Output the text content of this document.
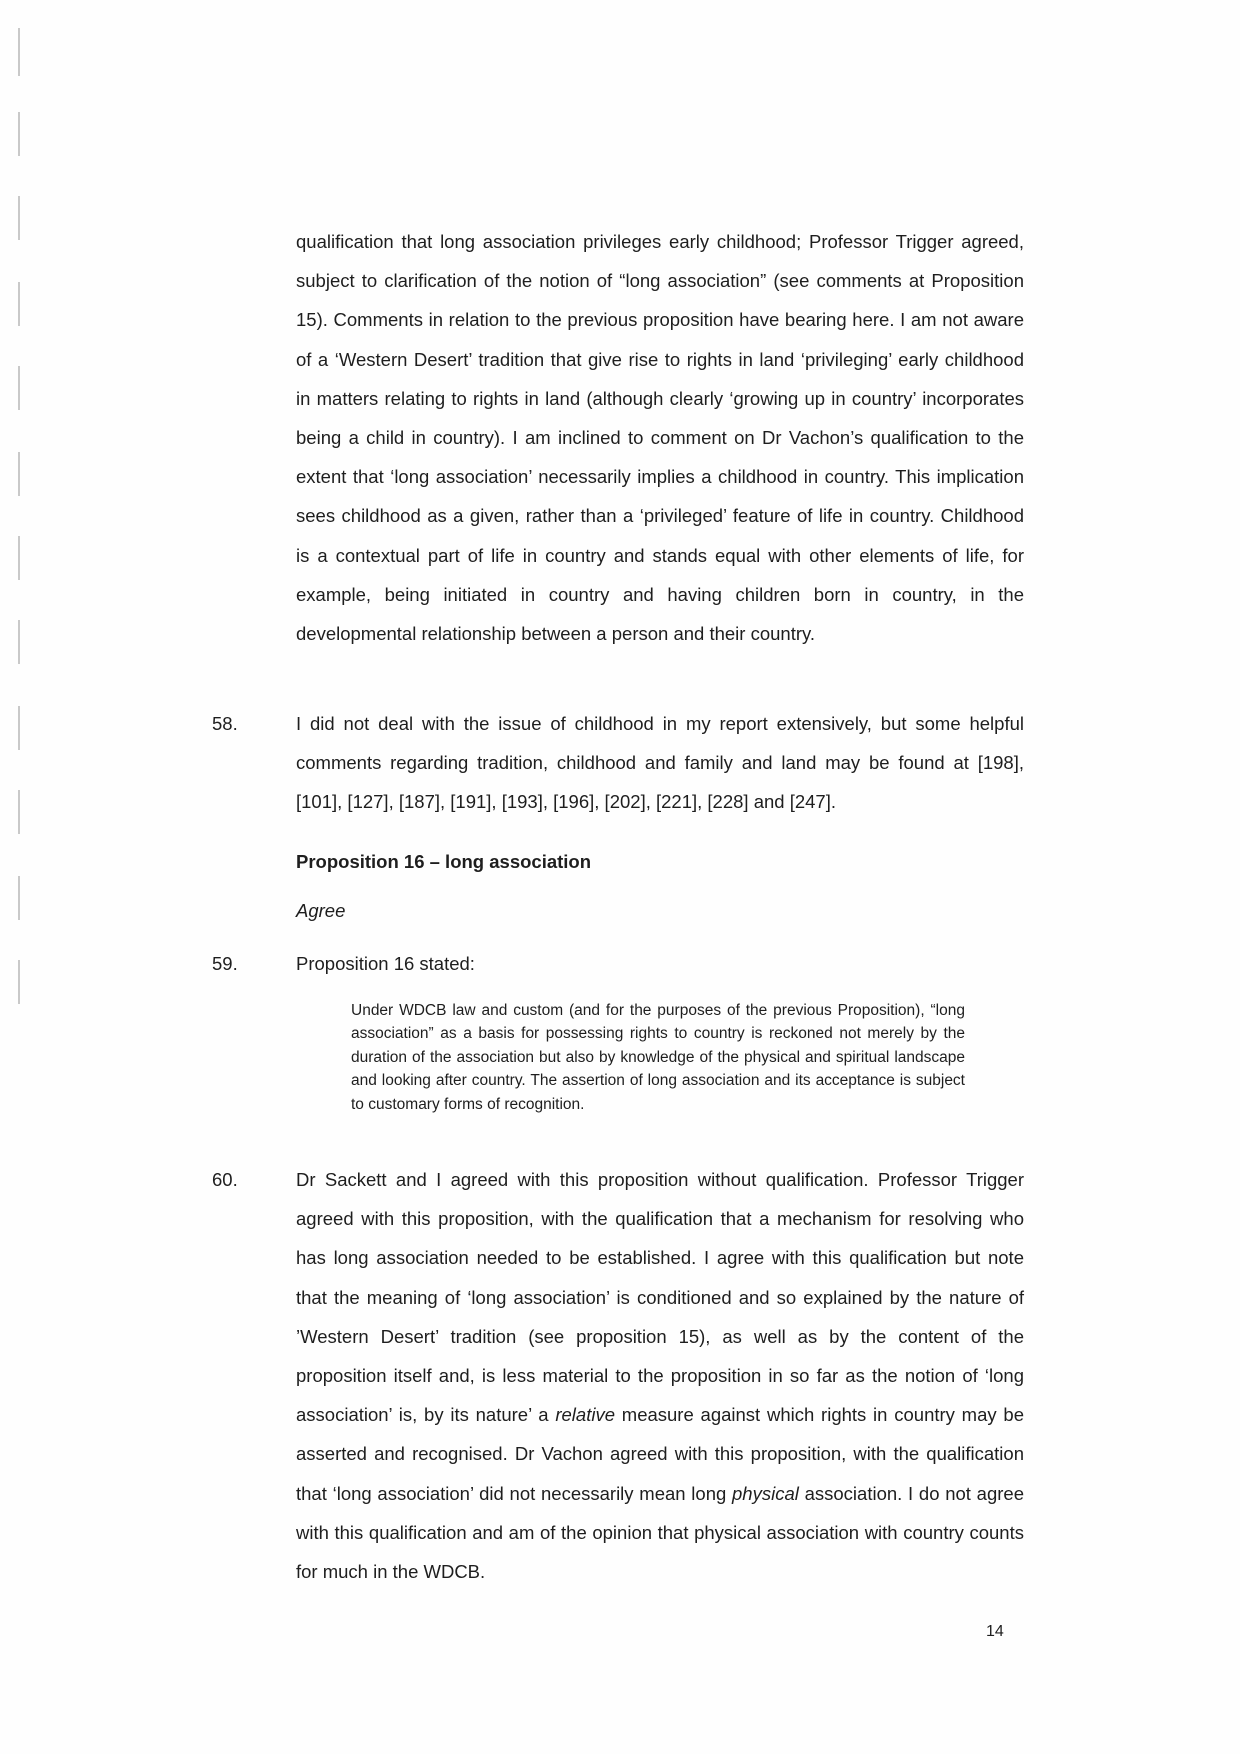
qualification that long association privileges early childhood; Professor Trigger agreed, subject to clarification of the notion of “long association” (see comments at Proposition 15). Comments in relation to the previous proposition have bearing here. I am not aware of a ‘Western Desert’ tradition that give rise to rights in land ‘privileging’ early childhood in matters relating to rights in land (although clearly ‘growing up in country’ incorporates being a child in country). I am inclined to comment on Dr Vachon’s qualification to the extent that ‘long association’ necessarily implies a childhood in country. This implication sees childhood as a given, rather than a ‘privileged’ feature of life in country. Childhood is a contextual part of life in country and stands equal with other elements of life, for example, being initiated in country and having children born in country, in the developmental relationship between a person and their country.

58.	I did not deal with the issue of childhood in my report extensively, but some helpful comments regarding tradition, childhood and family and land may be found at [198], [101], [127], [187], [191], [193], [196], [202], [221], [228] and [247].

Proposition 16 – long association

Agree

59.	Proposition 16 stated:

Under WDCB law and custom (and for the purposes of the previous Proposition), “long association” as a basis for possessing rights to country is reckoned not merely by the duration of the association but also by knowledge of the physical and spiritual landscape and looking after country. The assertion of long association and its acceptance is subject to customary forms of recognition.

60.	Dr Sackett and I agreed with this proposition without qualification. Professor Trigger agreed with this proposition, with the qualification that a mechanism for resolving who has long association needed to be established. I agree with this qualification but note that the meaning of ‘long association’ is conditioned and so explained by the nature of ’Western Desert’ tradition (see proposition 15), as well as by the content of the proposition itself and, is less material to the proposition in so far as the notion of ‘long association’ is, by its nature’ a relative measure against which rights in country may be asserted and recognised. Dr Vachon agreed with this proposition, with the qualification that ‘long association’ did not necessarily mean long physical association. I do not agree with this qualification and am of the opinion that physical association with country counts for much in the WDCB.

14
